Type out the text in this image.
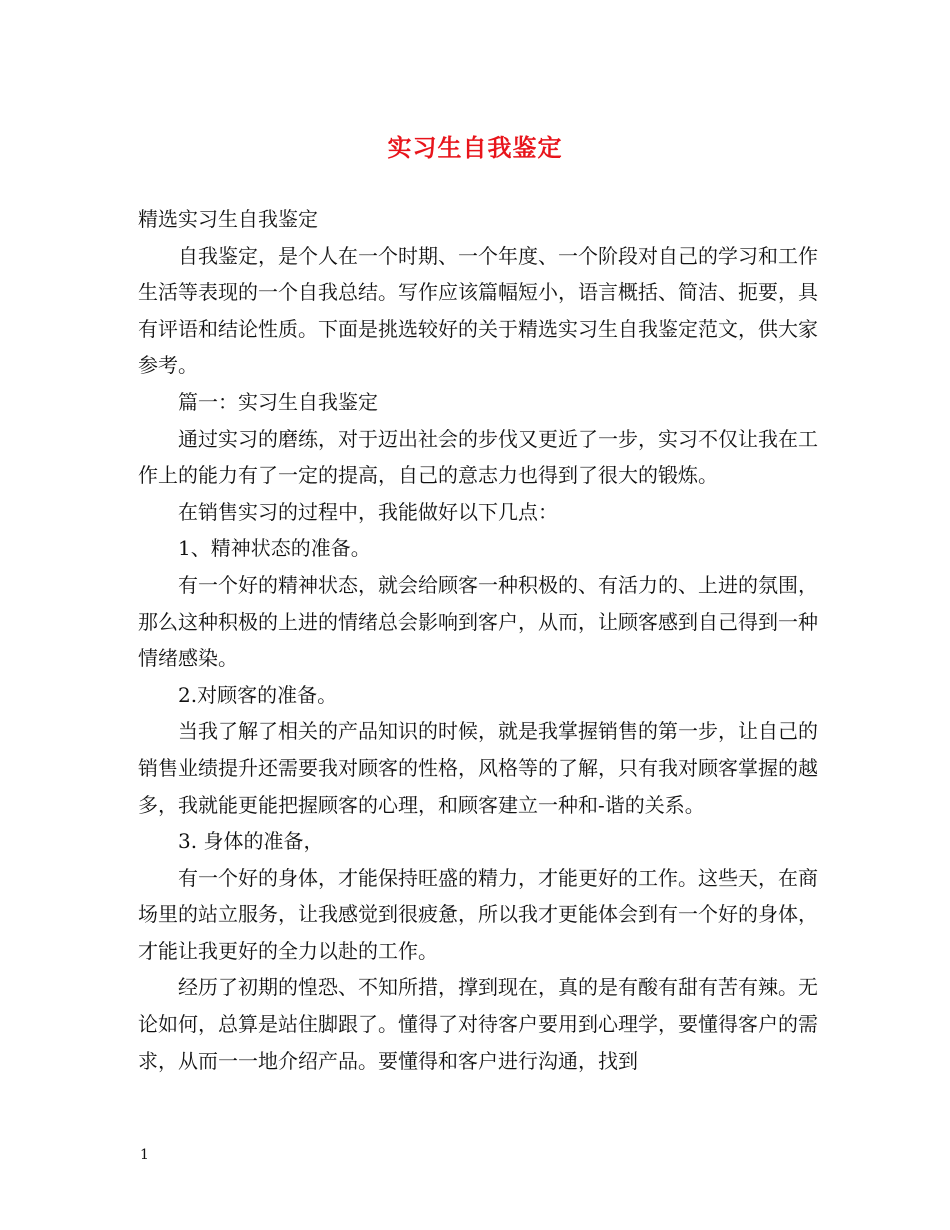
实习生自我鉴定

精选实习生自我鉴定

自我鉴定，是个人在一个时期、一个年度、一个阶段对自己的学习和工作生活等表现的一个自我总结。写作应该篇幅短小，语言概括、简洁、扼要，具有评语和结论性质。下面是挑选较好的关于精选实习生自我鉴定范文，供大家参考。

篇一：实习生自我鉴定

通过实习的磨练，对于迈出社会的步伐又更近了一步，实习不仅让我在工作上的能力有了一定的提高，自己的意志力也得到了很大的锻炼。

在销售实习的过程中，我能做好以下几点：

1、精神状态的准备。

有一个好的精神状态，就会给顾客一种积极的、有活力的、上进的氛围，那么这种积极的上进的情绪总会影响到客户，从而，让顾客感到自己得到一种情绪感染。

2.对顾客的准备。

当我了解了相关的产品知识的时候，就是我掌握销售的第一步，让自己的销售业绩提升还需要我对顾客的性格，风格等的了解，只有我对顾客掌握的越多，我就能更能把握顾客的心理，和顾客建立一种和-谐的关系。

3. 身体的准备，

有一个好的身体，才能保持旺盛的精力，才能更好的工作。这些天，在商场里的站立服务，让我感觉到很疲惫，所以我才更能体会到有一个好的身体，才能让我更好的全力以赴的工作。

经历了初期的惶恐、不知所措，撑到现在，真的是有酸有甜有苦有辣。无论如何，总算是站住脚跟了。懂得了对待客户要用到心理学，要懂得客户的需求，从而一一地介绍产品。要懂得和客户进行沟通，找到

1
